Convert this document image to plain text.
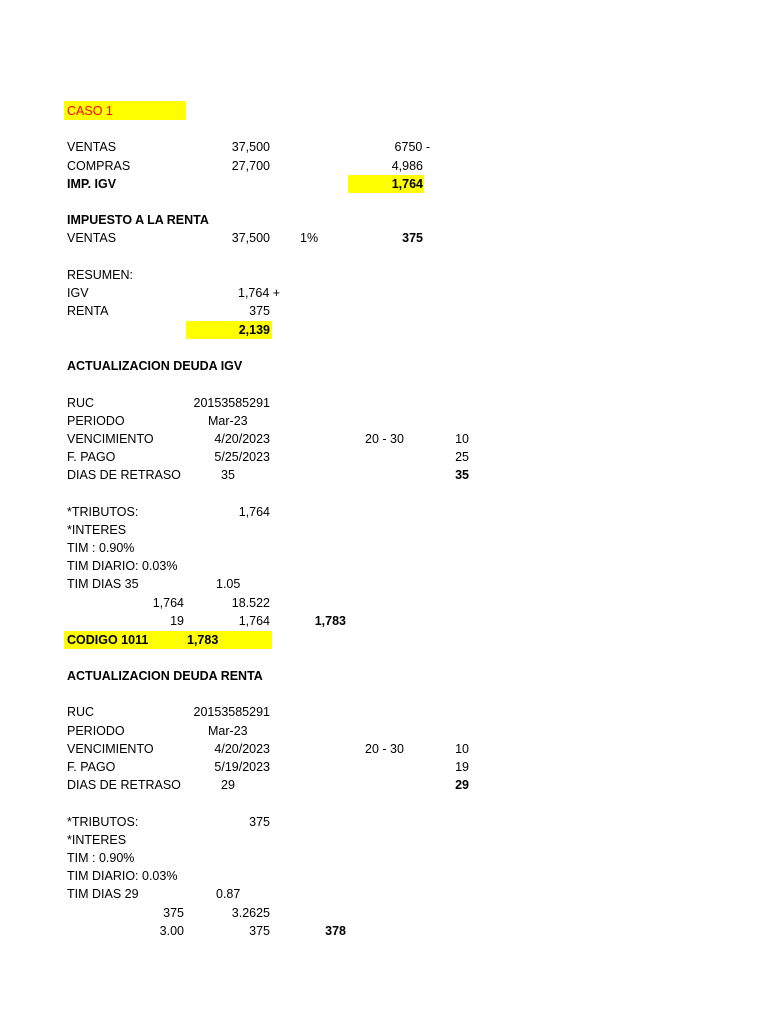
CASO 1
VENTAS	37,500	6750 -
COMPRAS	27,700	4,986
IMP. IGV	1,764
IMPUESTO A LA RENTA
VENTAS	37,500 1%	375
RESUMEN:
IGV	1,764 +
RENTA	375
2,139
ACTUALIZACION DEUDA IGV
RUC	20153585291
PERIODO	Mar-23
VENCIMIENTO	4/20/2023	20 - 30	10
F. PAGO	5/25/2023	25
DIAS DE RETRASO	35	35
*TRIBUTOS:	1,764
*INTERES
TIM : 0.90%
TIM DIARIO: 0.03%
TIM DIAS 35	1.05
1,764	18.522
19	1,764	1,783
CODIGO 1011	1,783
ACTUALIZACION DEUDA RENTA
RUC	20153585291
PERIODO	Mar-23
VENCIMIENTO	4/20/2023	20 - 30	10
F. PAGO	5/19/2023	19
DIAS DE RETRASO	29	29
*TRIBUTOS:	375
*INTERES
TIM : 0.90%
TIM DIARIO: 0.03%
TIM DIAS 29	0.87
375	3.2625
3.00	375	378
